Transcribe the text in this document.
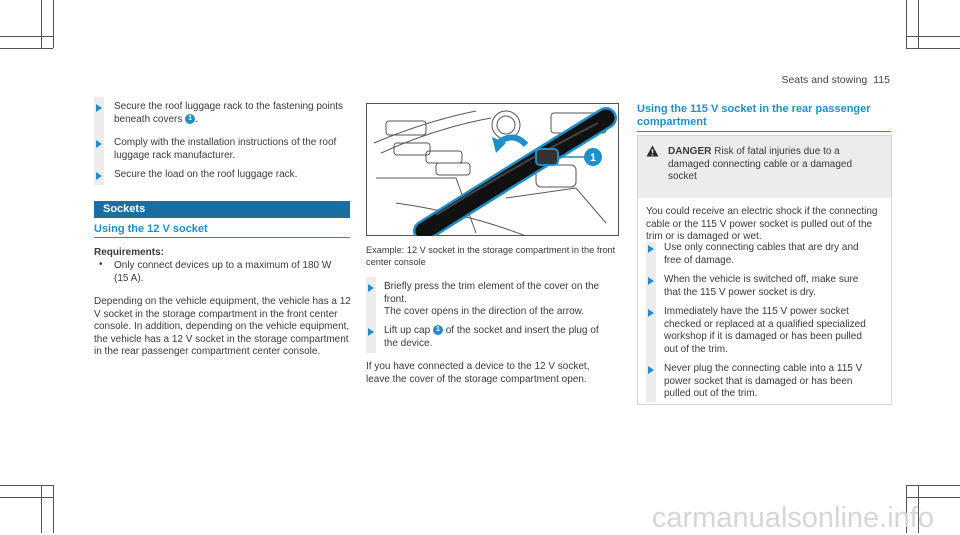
Seats and stowing 115
Secure the roof luggage rack to the fastening points beneath covers 1 .
Comply with the installation instructions of the roof luggage rack manufacturer.
Secure the load on the roof luggage rack.
Sockets
Using the 12 V socket
Requirements:
• Only connect devices up to a maximum of 180 W (15 A).
Depending on the vehicle equipment, the vehicle has a 12 V socket in the storage compartment in the front center console. In addition, depending on the vehicle equipment, the vehicle has a 12 V socket in the storage compartment in the rear passenger compartment center console.
1
Example: 12 V socket in the storage compartment in the front center console
Briefly press the trim element of the cover on the front.
The cover opens in the direction of the arrow.
Lift up cap 1 of the socket and insert the plug of the device.
If you have connected a device to the 12 V socket, leave the cover of the storage compartment open.
Using the 115 V socket in the rear passenger compartment
DANGER Risk of fatal injuries due to a damaged connecting cable or a damaged socket
You could receive an electric shock if the connecting cable or the 115 V power socket is pulled out of the trim or is damaged or wet.
Use only connecting cables that are dry and free of damage.
When the vehicle is switched off, make sure that the 115 V power socket is dry.
Immediately have the 115 V power socket checked or replaced at a qualified specialized workshop if it is damaged or has been pulled out of the trim.
Never plug the connecting cable into a 115 V power socket that is damaged or has been pulled out of the trim.
carmanualsonline.info
